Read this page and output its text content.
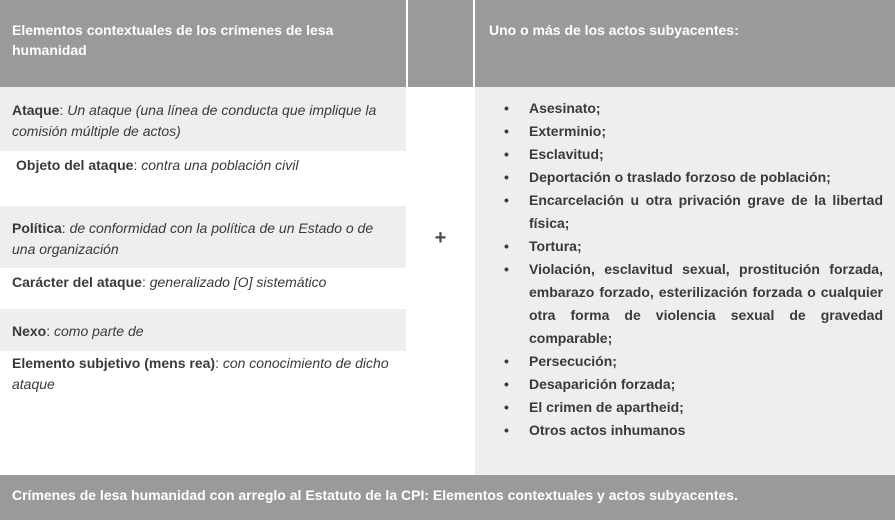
Elementos contextuales de los crímenes de lesa humanidad
Uno o más de los actos subyacentes:
Ataque: Un ataque (una línea de conducta que implique la comisión múltiple de actos)
Objeto del ataque: contra una población civil
Política: de conformidad con la política de un Estado o de una organización
Carácter del ataque: generalizado [O] sistemático
Nexo: como parte de
Elemento subjetivo (mens rea): con conocimiento de dicho ataque
+
• Asesinato;
• Exterminio;
• Esclavitud;
• Deportación o traslado forzoso de población;
• Encarcelación u otra privación grave de la libertad física;
• Tortura;
• Violación, esclavitud sexual, prostitución forzada, embarazo forzado, esterilización forzada o cualquier otra forma de violencia sexual de gravedad comparable;
• Persecución;
• Desaparición forzada;
• El crimen de apartheid;
• Otros actos inhumanos
Crímenes de lesa humanidad con arreglo al Estatuto de la CPI: Elementos contextuales y actos subyacentes.
